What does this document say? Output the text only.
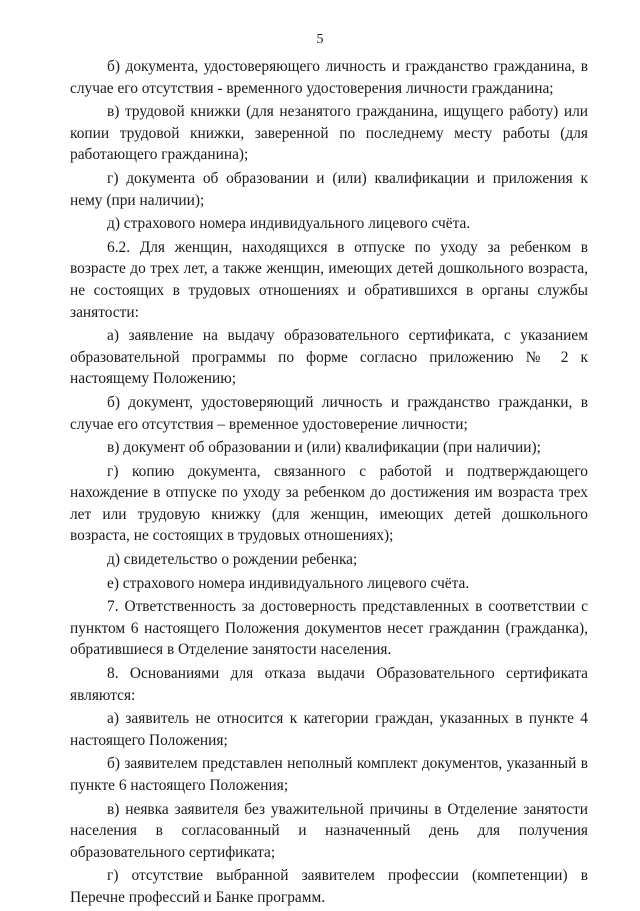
5

б) документа, удостоверяющего личность и гражданство гражданина, в случае его отсутствия - временного удостоверения личности гражданина;

в) трудовой книжки (для незанятого гражданина, ищущего работу) или копии трудовой книжки, заверенной по последнему месту работы (для работающего гражданина);

г) документа об образовании и (или) квалификации и приложения к нему (при наличии);

д) страхового номера индивидуального лицевого счёта.

6.2. Для женщин, находящихся в отпуске по уходу за ребенком в возрасте до трех лет, а также женщин, имеющих детей дошкольного возраста, не состоящих в трудовых отношениях и обратившихся в органы службы занятости:

а) заявление на выдачу образовательного сертификата, с указанием образовательной программы по форме согласно приложению № 2 к настоящему Положению;

б) документ, удостоверяющий личность и гражданство гражданки, в случае его отсутствия – временное удостоверение личности;

в) документ об образовании и (или) квалификации (при наличии);

г) копию документа, связанного с работой и подтверждающего нахождение в отпуске по уходу за ребенком до достижения им возраста трех лет или трудовую книжку (для женщин, имеющих детей дошкольного возраста, не состоящих в трудовых отношениях);

д) свидетельство о рождении ребенка;

е) страхового номера индивидуального лицевого счёта.

7. Ответственность за достоверность представленных в соответствии с пунктом 6 настоящего Положения документов несет гражданин (гражданка), обратившиеся в Отделение занятости населения.

8. Основаниями для отказа выдачи Образовательного сертификата являются:

а) заявитель не относится к категории граждан, указанных в пункте 4 настоящего Положения;

б) заявителем представлен неполный комплект документов, указанный в пункте 6 настоящего Положения;

в) неявка заявителя без уважительной причины в Отделение занятости населения в согласованный и назначенный день для получения образовательного сертификата;

г) отсутствие выбранной заявителем профессии (компетенции) в Перечне профессий и Банке программ.
